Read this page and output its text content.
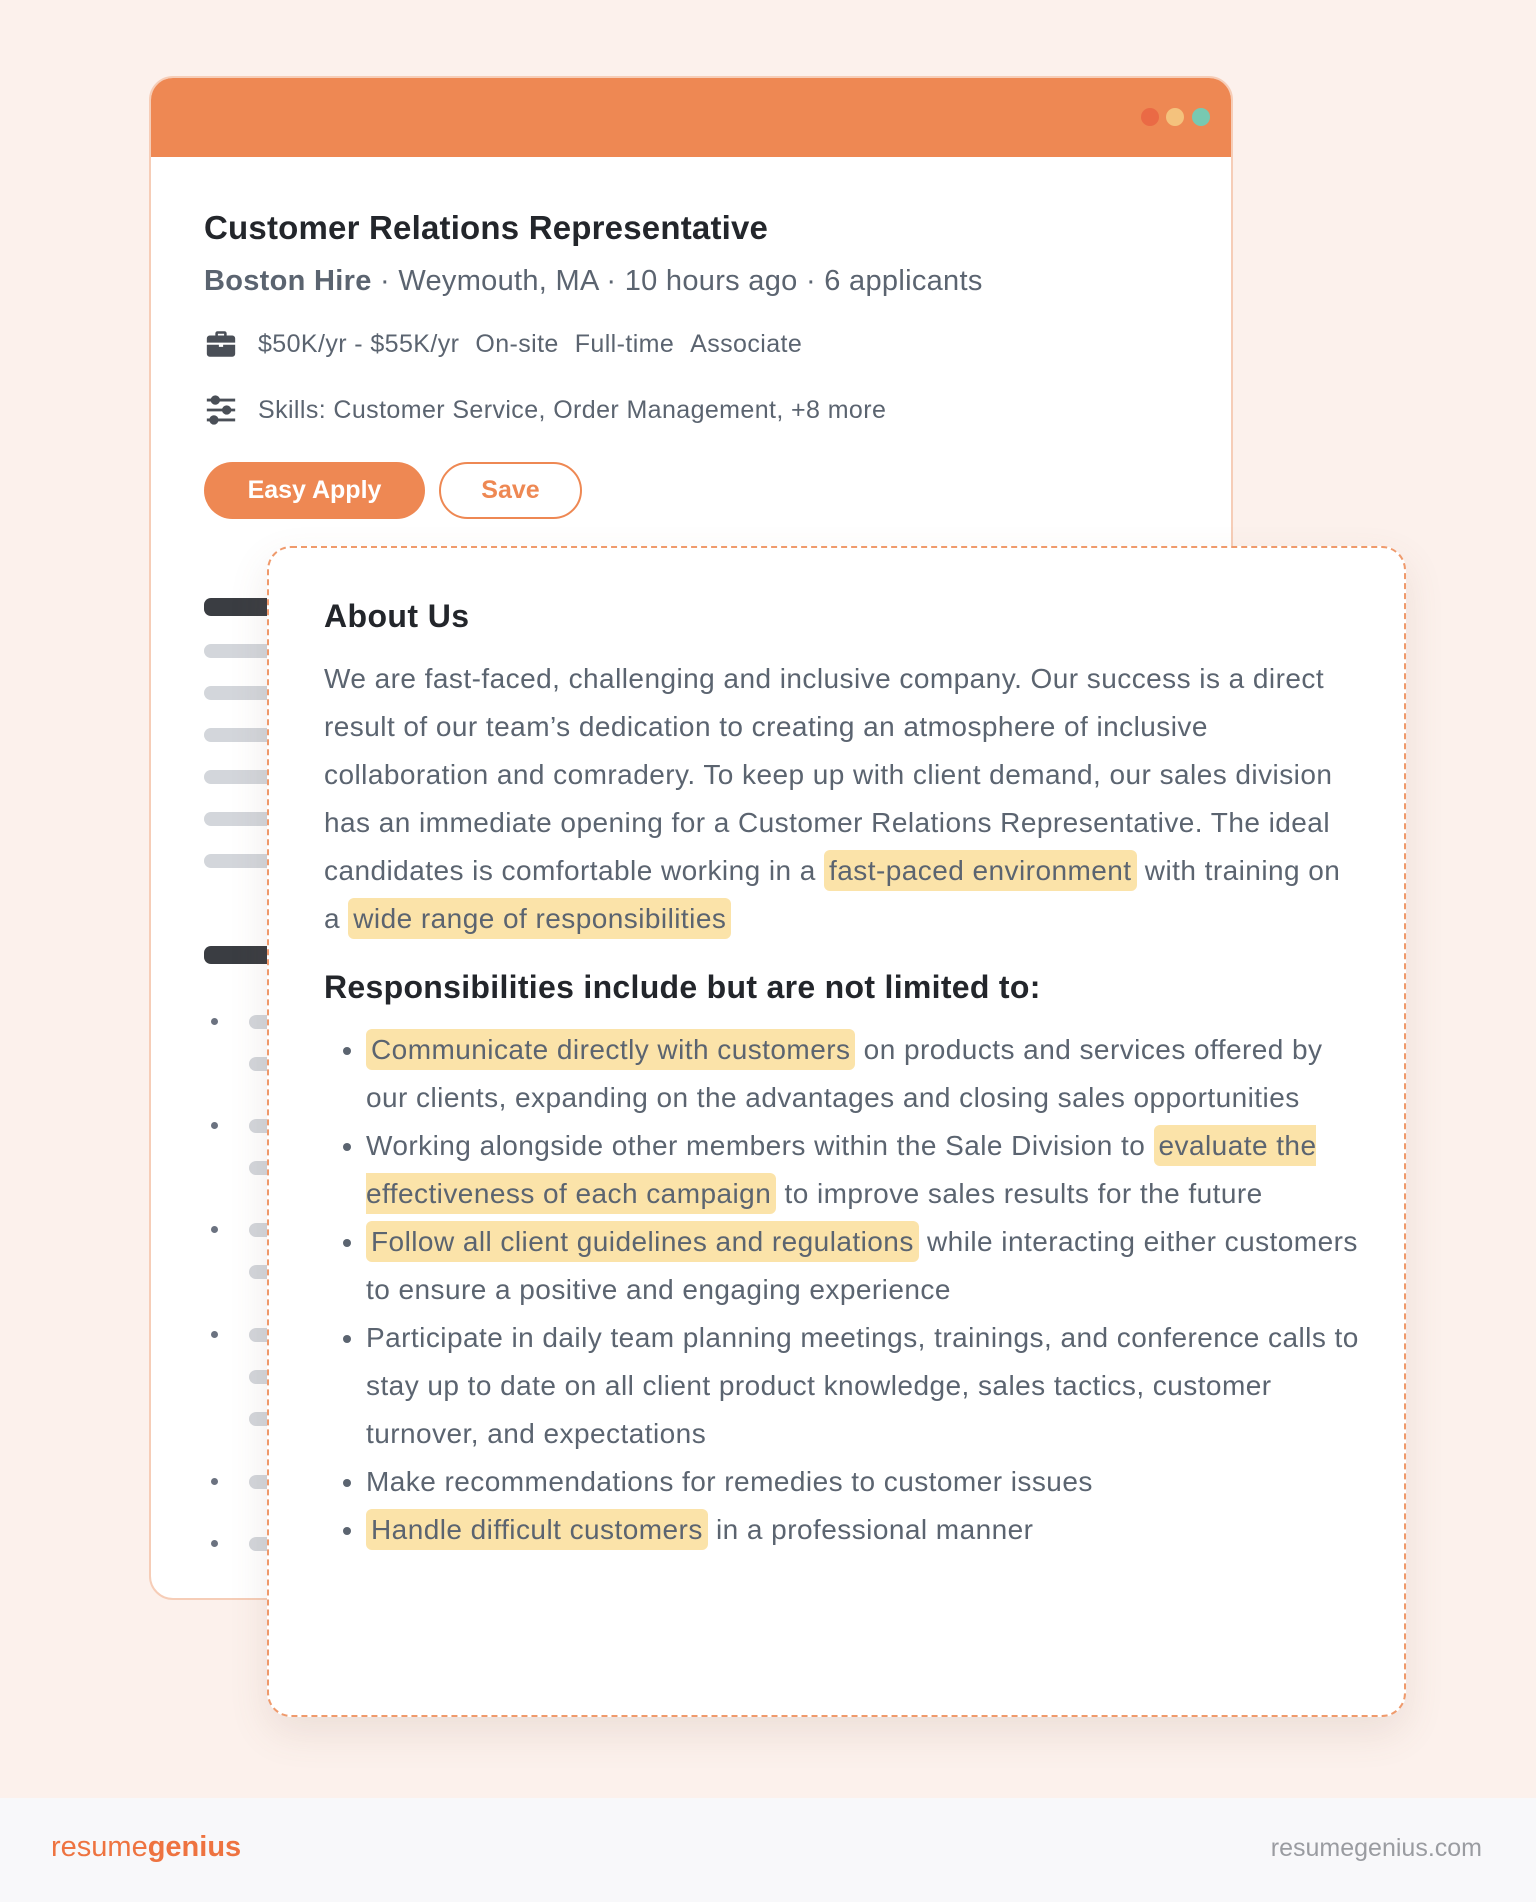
Customer Relations Representative
Boston Hire · Weymouth, MA · 10 hours ago · 6 applicants
$50K/yr - $55K/yr On-site Full-time Associate
Skills: Customer Service, Order Management, +8 more
Easy Apply	Save
About Us

We are fast-faced, challenging and inclusive company. Our success is a direct result of our team’s dedication to creating an atmosphere of inclusive collaboration and comradery. To keep up with client demand, our sales division has an immediate opening for a Customer Relations Representative. The ideal candidates is comfortable working in a fast-paced environment with training on a wide range of responsibilities

Responsibilities include but are not limited to:
• Communicate directly with customers on products and services offered by our clients, expanding on the advantages and closing sales opportunities
• Working alongside other members within the Sale Division to evaluate the effectiveness of each campaign to improve sales results for the future
• Follow all client guidelines and regulations while interacting either customers to ensure a positive and engaging experience
• Participate in daily team planning meetings, trainings, and conference calls to stay up to date on all client product knowledge, sales tactics, customer turnover, and expectations
• Make recommendations for remedies to customer issues
• Handle difficult customers in a professional manner
resumegenius	resumegenius.com
